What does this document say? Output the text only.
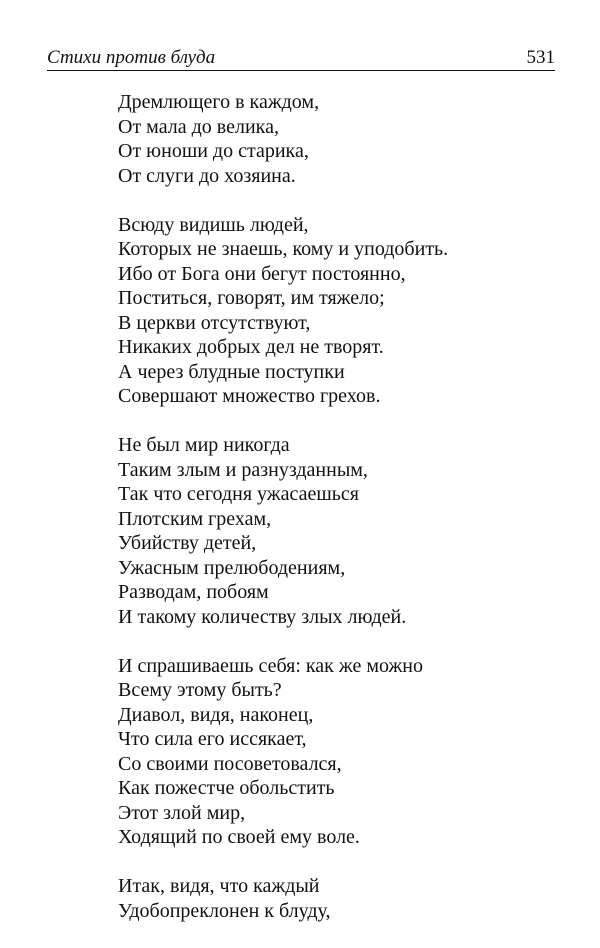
Стихи против блуда	531
Дремлющего в каждом,
От мала до велика,
От юноши до старика,
От слуги до хозяина.
Всюду видишь людей,
Которых не знаешь, кому и уподобить.
Ибо от Бога они бегут постоянно,
Поститься, говорят, им тяжело;
В церкви отсутствуют,
Никаких добрых дел не творят.
А через блудные поступки
Совершают множество грехов.
Не был мир никогда
Таким злым и разнузданным,
Так что сегодня ужасаешься
Плотским грехам,
Убийству детей,
Ужасным прелюбодениям,
Разводам, побоям
И такому количеству злых людей.
И спрашиваешь себя: как же можно
Всему этому быть?
Диавол, видя, наконец,
Что сила его иссякает,
Со своими посоветовался,
Как пожестче обольстить
Этот злой мир,
Ходящий по своей ему воле.
Итак, видя, что каждый
Удобопреклонен к блуду,
